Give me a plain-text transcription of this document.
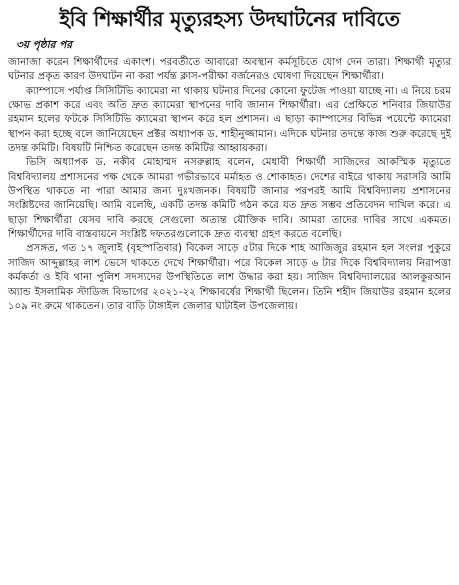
ইবি শিক্ষার্থীর মৃত্যুরহস্য উদঘাটনের দাবিতে
৩য় পৃষ্ঠার পর

জানাজা করেন শিক্ষার্থীদের একাংশ। পরবর্তীতে আবারো অবস্থান কর্মসূচিতে যোগ দেন তারা। শিক্ষার্থী মৃত্যুর ঘটনার প্রকৃত কারণ উদঘাটন না করা পর্যন্ত ক্লাস-পরীক্ষা বর্জনেরও ঘোষণা দিয়েছেন শিক্ষার্থীরা।

ক্যাম্পাসে পর্যাপ্ত সিসিটিভি ক্যামেরা না থাকায় ঘটনার দিনের কোনো ফুটেজ পাওয়া যাচ্ছে না। এ নিয়ে চরম ক্ষোভ প্রকাশ করে এবং অতি দ্রুত ক্যামেরা স্থাপনের দাবি জানান শিক্ষার্থীরা। এর প্রেক্ষিতে শনিবার জিয়াউর রহমান হলের ফটকে সিসিটিভি ক্যামেরা স্থাপন করে হল প্রশাসন। এ ছাড়া ক্যাম্পাসের বিভিন্ন পয়েন্টে ক্যামেরা স্থাপন করা হচ্ছে বলে জানিয়েছেন প্রক্টর অধ্যাপক ড. শাহীনুজ্জামান। এদিকে ঘটনার তদন্তে কাজ শুরু করেছে দুই তদন্ত কমিটি। বিষয়টি নিশ্চিত করেছেন তদন্ত কমিটির আহ্বায়করা।

ভিসি অধ্যাপক ড. নকীব মোহাম্মদ নসরুল্লাহ বলেন, মেধাবী শিক্ষার্থী সাজিদের আকস্মিক মৃত্যুতে বিশ্ববিদ্যালয় প্রশাসনের পক্ষ থেকে আমরা গভীরভাবে মর্মাহত ও শোকাহত। দেশের বাইরে থাকায় সরাসরি আমি উপস্থিত থাকতে না পারা আমার জন্য দুঃখজনক। বিষয়টি জানার পরপরই আমি বিশ্ববিদ্যালয় প্রশাসনের সংশ্লিষ্টদের জানিয়েছি। আমি বলেছি, একটি তদন্ত কমিটি গঠন করে যত দ্রুত সম্ভব প্রতিবেদন দাখিল করে। এ ছাড়া শিক্ষার্থীরা যেসব দাবি করছে সেগুলো অত্যন্ত যৌক্তিক দাবি। আমরা তাদের দাবির সাথে একমত। শিক্ষার্থীদের দাবি বাস্তবায়নে সংশ্লিষ্ট দফতরগুলোকে দ্রুত ব্যবস্থা গ্রহণ করতে বলেছি।

প্রসঙ্গত, গত ১৭ জুলাই (বৃহস্পতিবার) বিকেল সাড়ে ৫টার দিকে শাহ আজিজুর রহমান হল সংলগ্ন পুকুরে সাজিদ আব্দুল্লাহর লাশ ভেসে থাকতে দেখে শিক্ষার্থীরা। পরে বিকেল সাড়ে ৬ টার দিকে বিশ্ববিদ্যালয় নিরাপত্তা কর্মকর্তা ও ইবি থানা পুলিশ সদস্যদের উপস্থিতিতে লাশ উদ্ধার করা হয়। সাজিদ বিশ্ববিদ্যালয়ের আলকুরআন অ্যান্ড ইসলামিক স্টাডিজ বিভাগের ২০২১-২২ শিক্ষাবর্ষের শিক্ষার্থী ছিলেন। তিনি শহীদ জিয়াউর রহমান হলের ১০৯ নং রুমে থাকতেন। তার বাড়ি টাঙ্গাইল জেলার ঘাটাইল উপজেলায়।
